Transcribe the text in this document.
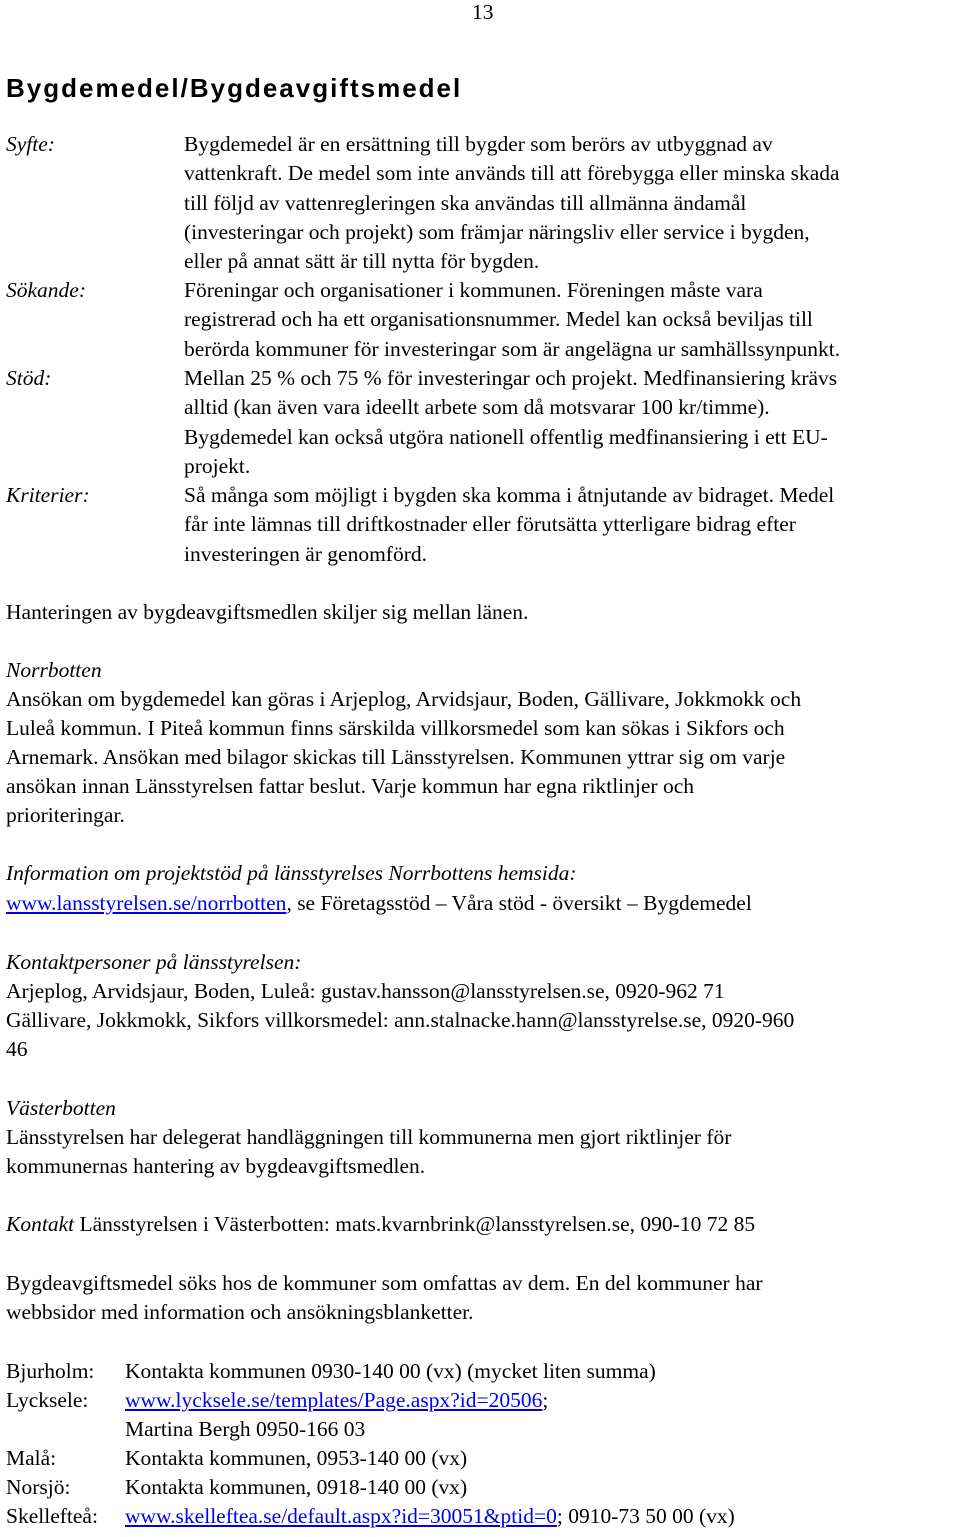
13
Bygdemedel/Bygdeavgiftsmedel
Syfte:	Bygdemedel är en ersättning till bygder som berörs av utbyggnad av
vattenkraft. De medel som inte används till att förebygga eller minska skada
till följd av vattenregleringen ska användas till allmänna ändamål
(investeringar och projekt) som främjar näringsliv eller service i bygden,
eller på annat sätt är till nytta för bygden.
Sökande:	Föreningar och organisationer i kommunen. Föreningen måste vara
registrerad och ha ett organisationsnummer. Medel kan också beviljas till
berörda kommuner för investeringar som är angelägna ur samhällssynpunkt.
Stöd:	Mellan 25 % och 75 % för investeringar och projekt. Medfinansiering krävs
alltid (kan även vara ideellt arbete som då motsvarar 100 kr/timme).
Bygdemedel kan också utgöra nationell offentlig medfinansiering i ett EU-
projekt.
Kriterier:	Så många som möjligt i bygden ska komma i åtnjutande av bidraget. Medel
får inte lämnas till driftkostnader eller förutsätta ytterligare bidrag efter
investeringen är genomförd.
Hanteringen av bygdeavgiftsmedlen skiljer sig mellan länen.
Norrbotten
Ansökan om bygdemedel kan göras i Arjeplog, Arvidsjaur, Boden, Gällivare, Jokkmokk och
Luleå kommun. I Piteå kommun finns särskilda villkorsmedel som kan sökas i Sikfors och
Arnemark. Ansökan med bilagor skickas till Länsstyrelsen. Kommunen yttrar sig om varje
ansökan innan Länsstyrelsen fattar beslut. Varje kommun har egna riktlinjer och
prioriteringar.
Information om projektstöd på länsstyrelses Norrbottens hemsida:
www.lansstyrelsen.se/norrbotten, se Företagsstöd – Våra stöd - översikt – Bygdemedel
Kontaktpersoner på länsstyrelsen:
Arjeplog, Arvidsjaur, Boden, Luleå: gustav.hansson@lansstyrelsen.se, 0920-962 71
Gällivare, Jokkmokk, Sikfors villkorsmedel: ann.stalnacke.hann@lansstyrelse.se, 0920-960
46
Västerbotten
Länsstyrelsen har delegerat handläggningen till kommunerna men gjort riktlinjer för
kommunernas hantering av bygdeavgiftsmedlen.
Kontakt Länsstyrelsen i Västerbotten: mats.kvarnbrink@lansstyrelsen.se, 090-10 72 85
Bygdeavgiftsmedel söks hos de kommuner som omfattas av dem. En del kommuner har
webbsidor med information och ansökningsblanketter.
Bjurholm: Kontakta kommunen 0930-140 00 (vx) (mycket liten summa)
Lycksele: www.lycksele.se/templates/Page.aspx?id=20506;
Martina Bergh 0950-166 03
Malå:	Kontakta kommunen, 0953-140 00 (vx)
Norsjö:	Kontakta kommunen, 0918-140 00 (vx)
Skellefteå: www.skelleftea.se/default.aspx?id=30051&ptid=0; 0910-73 50 00 (vx)
